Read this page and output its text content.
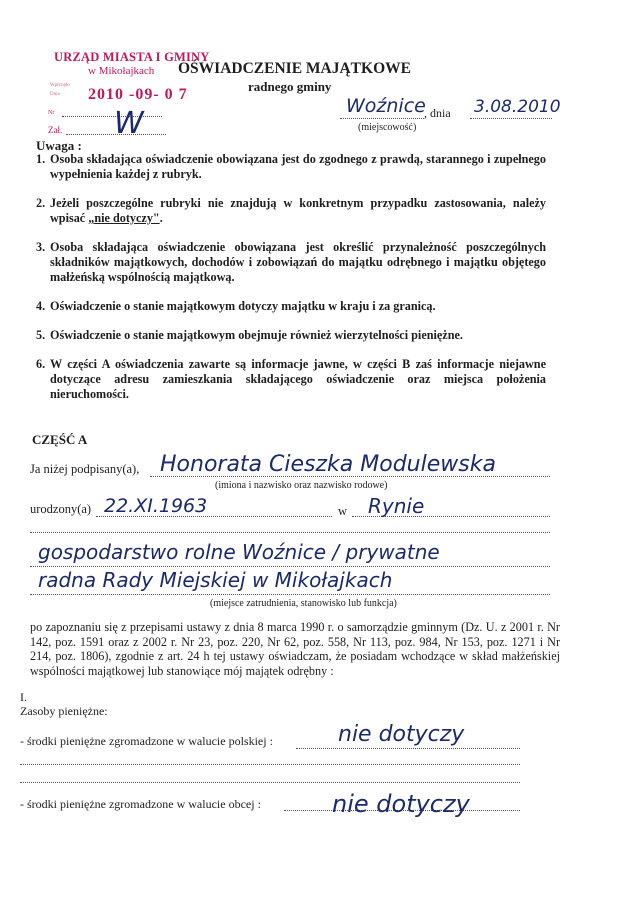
URZĄD MIASTA I GMINY
w Mikołajkach
Wpłynęło
Dnia 2010 -09- 0 7
Nr
Zał. W
OŚWIADCZENIE MAJĄTKOWE
radnego gminy
Woźnice
, dnia 3.08.2010
(miejscowość)
Uwaga :
1. Osoba składająca oświadczenie obowiązana jest do zgodnego z prawdą, starannego i zupełnego wypełnienia każdej z rubryk.
2. Jeżeli poszczególne rubryki nie znajdują w konkretnym przypadku zastosowania, należy wpisać „nie dotyczy".
3. Osoba składająca oświadczenie obowiązana jest określić przynależność poszczególnych składników majątkowych, dochodów i zobowiązań do majątku odrębnego i majątku objętego małżeńską wspólnością majątkową.
4. Oświadczenie o stanie majątkowym dotyczy majątku w kraju i za granicą.
5. Oświadczenie o stanie majątkowym obejmuje również wierzytelności pieniężne.
6. W części A oświadczenia zawarte są informacje jawne, w części B zaś informacje niejawne dotyczące adresu zamieszkania składającego oświadczenie oraz miejsca położenia nieruchomości.
CZĘŚĆ A
Ja niżej podpisany(a), Honorata Cieszka Modulewska
(imiona i nazwisko oraz nazwisko rodowe)
urodzony(a) 22.XI.1963	w Rynie
gospodarstwo rolne Woźnice / prywatne
radna Rady Miejskiej w Mikołajkach
(miejsce zatrudnienia, stanowisko lub funkcja)
po zapoznaniu się z przepisami ustawy z dnia 8 marca 1990 r. o samorządzie gminnym (Dz. U. z 2001 r. Nr 142, poz. 1591 oraz z 2002 r. Nr 23, poz. 220, Nr 62, poz. 558, Nr 113, poz. 984, Nr 153, poz. 1271 i Nr 214, poz. 1806), zgodnie z art. 24 h tej ustawy oświadczam, że posiadam wchodzące w skład małżeńskiej wspólności majątkowej lub stanowiące mój majątek odrębny :
I.
Zasoby pieniężne:
- środki pieniężne zgromadzone w walucie polskiej :	nie dotyczy
- środki pieniężne zgromadzone w walucie obcej :	nie dotyczy
